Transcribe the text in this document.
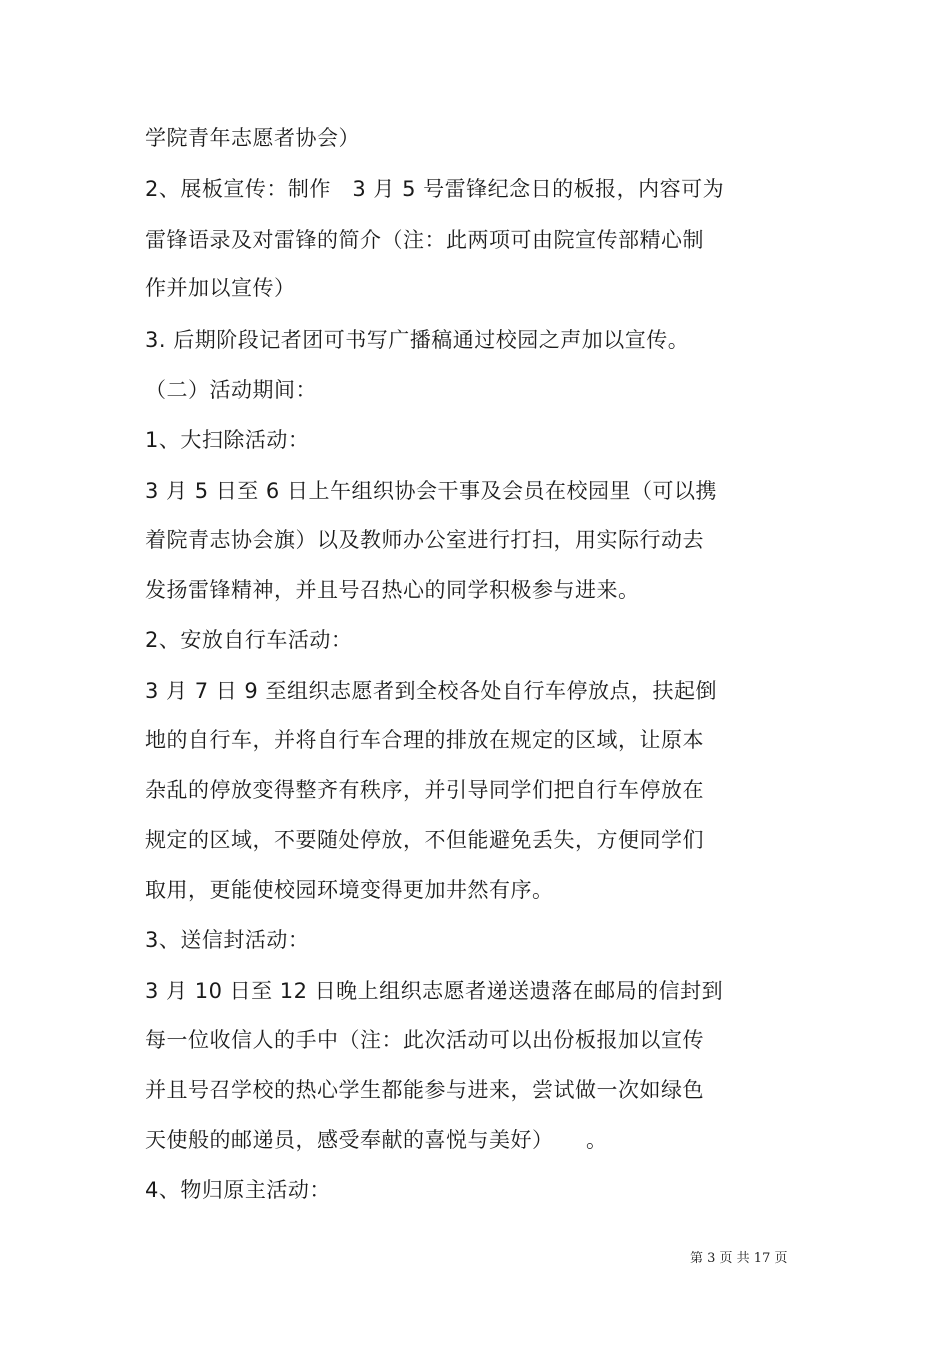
学院青年志愿者协会）
2、展板宣传：制作　3 月 5 号雷锋纪念日的板报，内容可为
雷锋语录及对雷锋的简介（注：此两项可由院宣传部精心制
作并加以宣传）
3. 后期阶段记者团可书写广播稿通过校园之声加以宣传。
（二）活动期间：
1、大扫除活动：
3 月 5 日至 6 日上午组织协会干事及会员在校园里（可以携
着院青志协会旗）以及教师办公室进行打扫，用实际行动去
发扬雷锋精神，并且号召热心的同学积极参与进来。
2、安放自行车活动：
3 月 7 日 9 至组织志愿者到全校各处自行车停放点，扶起倒
地的自行车，并将自行车合理的排放在规定的区域，让原本
杂乱的停放变得整齐有秩序，并引导同学们把自行车停放在
规定的区域，不要随处停放，不但能避免丢失，方便同学们
取用，更能使校园环境变得更加井然有序。
3、送信封活动：
3 月 10 日至 12 日晚上组织志愿者递送遗落在邮局的信封到
每一位收信人的手中（注：此次活动可以出份板报加以宣传
并且号召学校的热心学生都能参与进来，尝试做一次如绿色
天使般的邮递员，感受奉献的喜悦与美好）　　。
4、物归原主活动：
第 3 页 共 17 页
